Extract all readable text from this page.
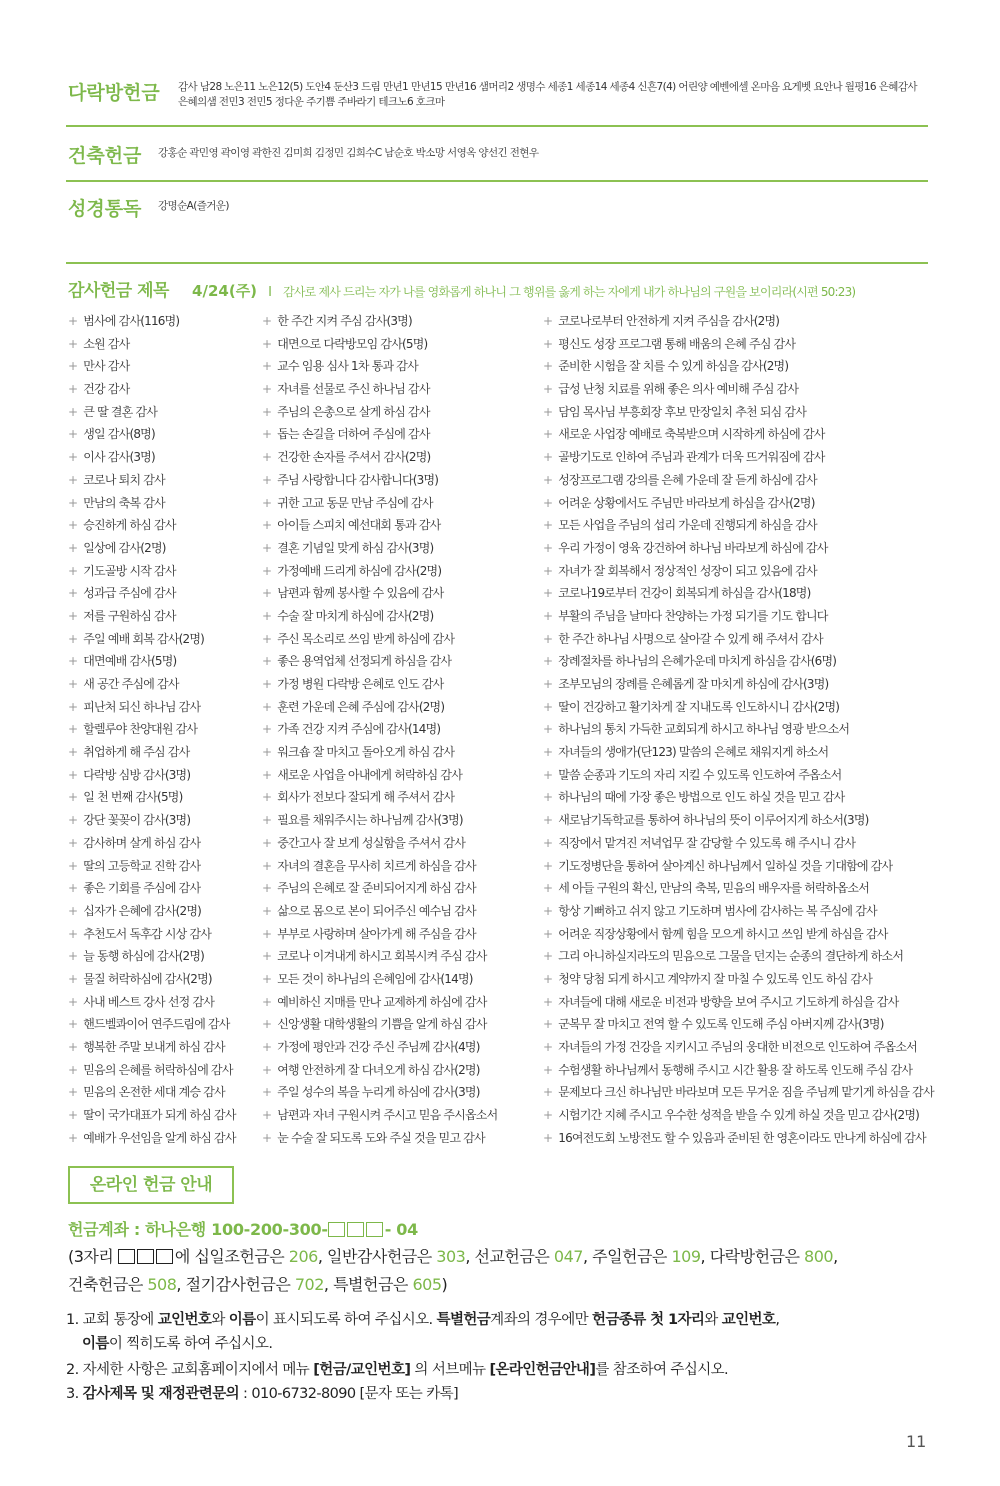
다락방헌금 감사 남28 노은11 노은12(5) 도안4 둔산3 드림 만년1 만년15 만년16 샘머리2 생명수 세종1 세종14 세종4 신흔7(4) 어린양 예벤에셀 온마음 요게벳 요안나 월평16 은혜감사
은혜의샘 전민3 전민5 정다운 주기쁨 주바라기 테크노6 호크마
건축헌금 강홍순 곽민영 곽이영 곽한진 김미희 김정민 김희수C 남순호 박소망 서영옥 양선긴 전현우
성경통독 강명순A(즐거운)
감사헌금 제목 4/24(주) I 감사로 제사 드리는 자가 나를 영화롭게 하나니 그 행위를 옳게 하는 자에게 내가 하나님의 구원을 보이리라(시편 50:23)
+ 범사에 감사(116명)
+ 소원 감사
+ 만사 감사
+ 건강 감사
+ 큰 딸 결혼 감사
+ 생일 감사(8명)
+ 이사 감사(3명)
+ 코로나 퇴치 감사
+ 만남의 축복 감사
+ 승진하게 하심 감사
+ 일상에 감사(2명)
+ 기도골방 시작 감사
+ 성과급 주심에 감사
+ 저를 구원하심 감사
+ 주일 예배 회복 감사(2명)
+ 대면예배 감사(5명)
+ 새 공간 주심에 감사
+ 피난처 되신 하나님 감사
+ 할렐루야 찬양대원 감사
+ 취업하게 해 주심 감사
+ 다락방 심방 감사(3명)
+ 일 천 번째 감사(5명)
+ 강단 꽃꽂이 감사(3명)
+ 감사하며 살게 하심 감사
+ 딸의 고등학교 진학 감사
+ 좋은 기회를 주심에 감사
+ 십자가 은혜에 감사(2명)
+ 추천도서 독후감 시상 감사
+ 늘 동행 하심에 감사(2명)
+ 물질 허락하심에 감사(2명)
+ 사내 베스트 강사 선정 감사
+ 핸드벨콰이어 연주드림에 감사
+ 행복한 주말 보내게 하심 감사
+ 믿음의 은혜를 허락하심에 감사
+ 믿음의 온전한 세대 계승 감사
+ 딸이 국가대표가 되게 하심 감사
+ 예배가 우선임을 알게 하심 감사
+ 한 주간 지켜 주심 감사(3명)
+ 대면으로 다락방모임 감사(5명)
+ 교수 임용 심사 1차 통과 감사
+ 자녀를 선물로 주신 하나님 감사
+ 주님의 은총으로 살게 하심 감사
+ 돕는 손길을 더하여 주심에 감사
+ 건강한 손자를 주셔서 감사(2명)
+ 주님 사랑합니다 감사합니다(3명)
+ 귀한 고교 동문 만남 주심에 감사
+ 아이들 스피치 예선대회 통과 감사
+ 결혼 기념일 맞게 하심 감사(3명)
+ 가정예배 드리게 하심에 감사(2명)
+ 남편과 함께 봉사할 수 있음에 감사
+ 수술 잘 마치게 하심에 감사(2명)
+ 주신 목소리로 쓰임 받게 하심에 감사
+ 좋은 용역업체 선정되게 하심을 감사
+ 가정 병원 다락방 은혜로 인도 감사
+ 훈련 가운데 은혜 주심에 감사(2명)
+ 가족 건강 지켜 주심에 감사(14명)
+ 워크숍 잘 마치고 돌아오게 하심 감사
+ 새로운 사업을 아내에게 허락하심 감사
+ 회사가 전보다 잘되게 해 주셔서 감사
+ 필요를 채워주시는 하나님께 감사(3명)
+ 중간고사 잘 보게 성실함을 주셔서 감사
+ 자녀의 결혼을 무사히 치르게 하심을 감사
+ 주님의 은혜로 잘 준비되어지게 하심 감사
+ 삶으로 몸으로 본이 되어주신 예수님 감사
+ 부부로 사랑하며 살아가게 해 주심을 감사
+ 코로나 이겨내게 하시고 회복시켜 주심 감사
+ 모든 것이 하나님의 은혜임에 감사(14명)
+ 예비하신 지매를 만나 교제하게 하심에 감사
+ 신앙생활 대학생활의 기쁨을 알게 하심 감사
+ 가정에 평안과 건강 주신 주님께 감사(4명)
+ 여행 안전하게 잘 다녀오게 하심 감사(2명)
+ 주일 성수의 복을 누리게 하심에 감사(3명)
+ 남편과 자녀 구원시켜 주시고 믿음 주시옵소서
+ 눈 수술 잘 되도록 도와 주실 것을 믿고 감사
+ 코로나로부터 안전하게 지켜 주심을 감사(2명)
+ 평신도 성장 프로그램 통해 배움의 은혜 주심 감사
+ 준비한 시험을 잘 치를 수 있게 하심을 감사(2명)
+ 급성 난청 치료를 위해 좋은 의사 예비해 주심 감사
+ 담임 목사님 부흥회장 후보 만장일치 추천 되심 감사
+ 새로운 사업장 예배로 축복받으며 시작하게 하심에 감사
+ 골방기도로 인하여 주님과 관계가 더욱 뜨거워짐에 감사
+ 성장프로그램 강의를 은혜 가운데 잘 듣게 하심에 감사
+ 어려운 상황에서도 주님만 바라보게 하심을 감사(2명)
+ 모든 사업을 주님의 섭리 가운데 진행되게 하심을 감사
+ 우리 가정이 영육 강건하여 하나님 바라보게 하심에 감사
+ 자녀가 잘 회복해서 정상적인 성장이 되고 있음에 감사
+ 코로나19로부터 건강이 회복되게 하심을 감사(18명)
+ 부활의 주님을 날마다 찬양하는 가정 되기를 기도 합니다
+ 한 주간 하나님 사명으로 살아갈 수 있게 해 주셔서 감사
+ 장례절차를 하나님의 은혜가운데 마치게 하심을 감사(6명)
+ 조부모님의 장례를 은혜롭게 잘 마치게 하심에 감사(3명)
+ 딸이 건강하고 활기차게 잘 지내도록 인도하시니 감사(2명)
+ 하나님의 통치 가득한 교회되게 하시고 하나님 영광 받으소서
+ 자녀들의 생애가(단123) 말씀의 은혜로 채워지게 하소서
+ 말씀 순종과 기도의 자리 지킬 수 있도록 인도하여 주옵소서
+ 하나님의 때에 가장 좋은 방법으로 인도 하실 것을 믿고 감사
+ 새로남기독학교를 통하여 하나님의 뜻이 이루어지게 하소서(3명)
+ 직장에서 맡겨진 저녁업무 잘 감당할 수 있도록 해 주시니 감사
+ 기도정병단을 통하여 살아계신 하나님께서 일하실 것을 기대함에 감사
+ 세 아들 구원의 확신, 만남의 축복, 믿음의 배우자를 허락하옵소서
+ 항상 기뻐하고 쉬지 않고 기도하며 범사에 감사하는 복 주심에 감사
+ 어려운 직장상황에서 함께 힘을 모으게 하시고 쓰임 받게 하심을 감사
+ 그리 아니하실지라도의 믿음으로 그물을 던지는 순종의 결단하게 하소서
+ 청약 당첨 되게 하시고 계약까지 잘 마칠 수 있도록 인도 하심 감사
+ 자녀들에 대해 새로운 비전과 방향을 보여 주시고 기도하게 하심을 감사
+ 군복무 잘 마치고 전역 할 수 있도록 인도해 주심 아버지께 감사(3명)
+ 자녀들의 가정 건강을 지키시고 주님의 웅대한 비전으로 인도하여 주옵소서
+ 수험생활 하나님께서 동행해 주시고 시간 활용 잘 하도록 인도해 주심 감사
+ 문제보다 크신 하나님만 바라보며 모든 무거운 짐을 주님께 맡기게 하심을 감사
+ 시험기간 지혜 주시고 우수한 성적을 받을 수 있게 하실 것을 믿고 감사(2명)
+ 16여전도회 노방전도 할 수 있음과 준비된 한 영혼이라도 만나게 하심에 감사
온라인 헌금 안내
헌금계좌 : 하나은행 100-200-300-	- 04
(3자리	에 십일조헌금은 206, 일반감사헌금은 303, 선교헌금은 047, 주일헌금은 109, 다락방헌금은 800,
건축헌금은 508, 절기감사헌금은 702, 특별헌금은 605)
1. 교회 통장에 교인번호와 이름이 표시되도록 하여 주십시오. 특별헌금계좌의 경우에만 헌금종류 첫 1자리와 교인번호,
이름이 찍히도록 하여 주십시오.
2. 자세한 사항은 교회홈페이지에서 메뉴 [헌금/교인번호] 의 서브메뉴 [온라인헌금안내]를 참조하여 주십시오.
3. 감사제목 및 재정관련문의 : 010-6732-8090 [문자 또는 카톡]
11
